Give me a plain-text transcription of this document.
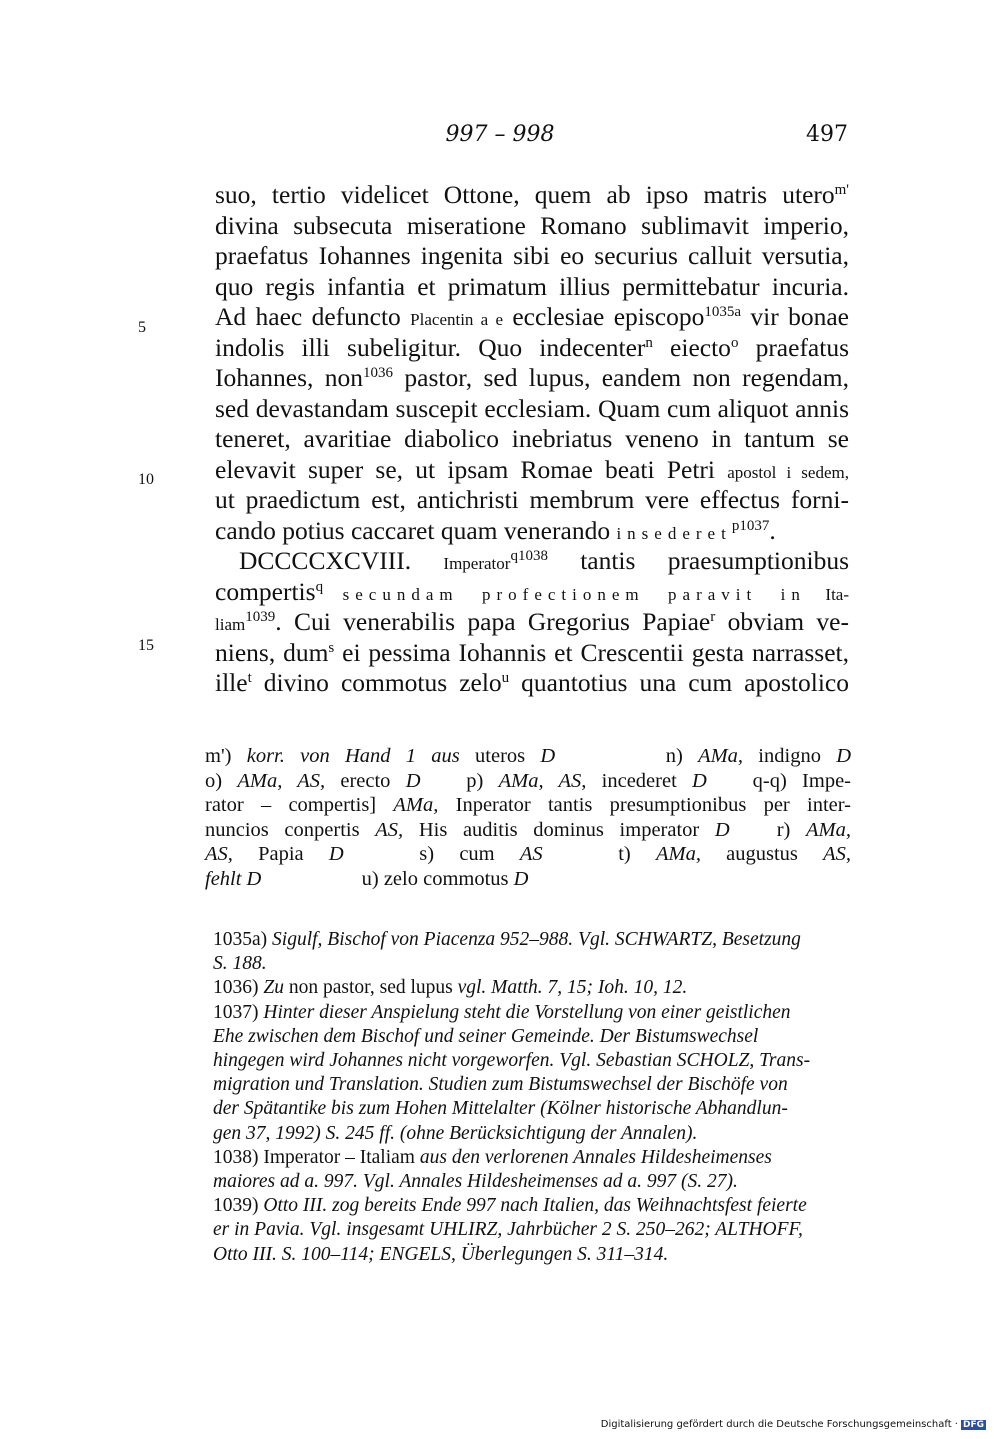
997 – 998	497
5
10
15
suo, tertio videlicet Ottone, quem ab ipso matris utero$^{m'}$
divina subsecuta miseratione Romano sublimavit imperio,
praefatus Iohannes ingenita sibi eo securius calluit versutia,
quo regis infantia et primatum illius permittebatur incuria.
Ad haec defuncto Placentin a e ecclesiae episcopo$^{1035a}$ vir bonae
indolis illi subeligitur. Quo indecenter$^n$ eiecto$^o$ praefatus
Iohannes, non$^{1036}$ pastor, sed lupus, eandem non regendam,
sed devastandam suscepit ecclesiam. Quam cum aliquot annis
teneret, avaritiae diabolico inebriatus veneno in tantum se
elevavit super se, ut ipsam Romae beati Petri apostol i sedem,
ut praedictum est, antichristi membrum vere effectus forni-
cando potius caccaret quam venerando insederet$^{p1037}$.
DCCCCXCVIII. Imperator$^{q1038}$ tantis praesumptionibus
compertis$^q$ secundam profectionem paravit in Ita-
liam$^{1039}$. Cui venerabilis papa Gregorius Papiae$^r$ obviam ve-
niens, dum$^s$ ei pessima Iohannis et Crescentii gesta narrasset,
ille$^t$ divino commotus zelo$^u$ quantotius una cum apostolico
m') korr. von Hand 1 aus uteros D	n) AMa, indigno D
o) AMa, AS, erecto D   p) AMa, AS, incederet D   q-q) Impe-
rator – compertis] AMa, Inperator tantis presumptionibus per inter-
nuncios conpertis AS, His auditis dominus imperator D   r) AMa,
AS, Papia D   s) cum AS   t) AMa, augustus AS,
fehlt D	u) zelo commotus D
1035a) Sigulf, Bischof von Piacenza 952–988. Vgl. SCHWARTZ, Besetzung
S. 188.
1036) Zu non pastor, sed lupus vgl. Matth. 7, 15; Ioh. 10, 12.
1037) Hinter dieser Anspielung steht die Vorstellung von einer geistlichen
Ehe zwischen dem Bischof und seiner Gemeinde. Der Bistumswechsel
hingegen wird Johannes nicht vorgeworfen. Vgl. Sebastian SCHOLZ, Trans-
migration und Translation. Studien zum Bistumswechsel der Bischöfe von
der Spätantike bis zum Hohen Mittelalter (Kölner historische Abhandlun-
gen 37, 1992) S. 245 ff. (ohne Berücksichtigung der Annalen).
1038) Imperator – Italiam aus den verlorenen Annales Hildesheimenses
maiores ad a. 997. Vgl. Annales Hildesheimenses ad a. 997 (S. 27).
1039) Otto III. zog bereits Ende 997 nach Italien, das Weihnachtsfest feierte
er in Pavia. Vgl. insgesamt UHLIRZ, Jahrbücher 2 S. 250–262; ALTHOFF,
Otto III. S. 100–114; ENGELS, Überlegungen S. 311–314.
Digitalisierung gefördert durch die Deutsche Forschungsgemeinschaft · DFG
